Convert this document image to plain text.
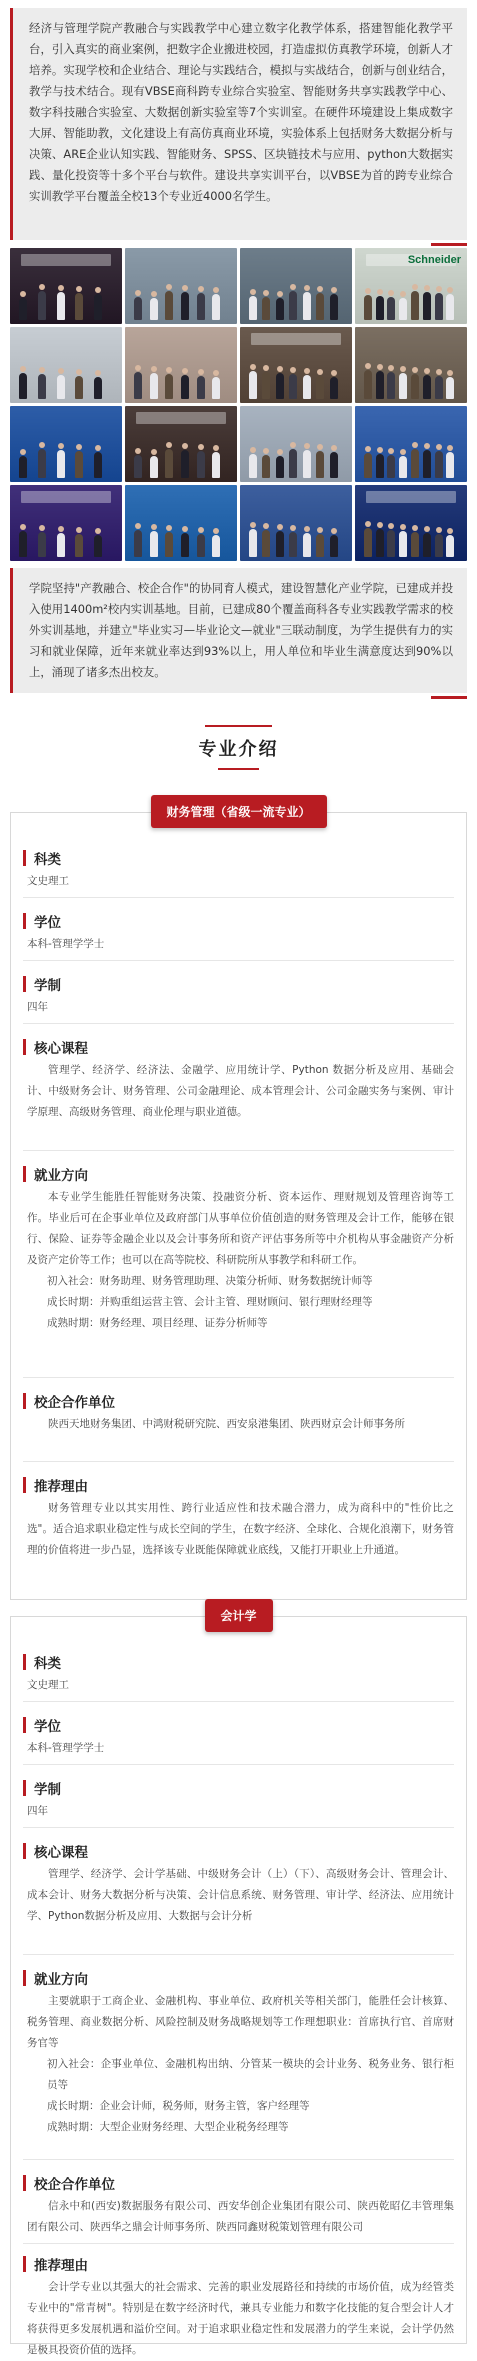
经济与管理学院产教融合与实践教学中心建立数字化教学体系，搭建智能化教学平台，引入真实的商业案例，把数字企业搬进校园，打造虚拟仿真教学环境，创新人才培养。实现学校和企业结合、理论与实践结合，模拟与实战结合，创新与创业结合，教学与技术结合。现有VBSE商科跨专业综合实验室、智能财务共享实践教学中心、数字科技融合实验室、大数据创新实验室等7个实训室。在硬件环境建设上集成数字大屏、智能助教，文化建设上有高仿真商业环境，实验体系上包括财务大数据分析与决策、ARE企业认知实践、智能财务、SPSS、区块链技术与应用、python大数据实践、量化投资等十多个平台与软件。建设共享实训平台，以VBSE为首的跨专业综合实训教学平台覆盖全校13个专业近4000名学生。

Schneider

学院坚持"产教融合、校企合作"的协同育人模式，建设智慧化产业学院，已建成并投入使用1400m²校内实训基地。目前，已建成80个覆盖商科各专业实践教学需求的校外实训基地，并建立"毕业实习—毕业论文—就业"三联动制度，为学生提供有力的实习和就业保障，近年来就业率达到93%以上，用人单位和毕业生满意度达到90%以上，涌现了诸多杰出校友。

专业介绍
财务管理（省级一流专业）
科类
文史理工
学位
本科-管理学学士
学制
四年
核心课程
管理学、经济学、经济法、金融学、应用统计学、Python 数据分析及应用、基础会计、中级财务会计、财务管理、公司金融理论、成本管理会计、公司金融实务与案例、审计学原理、高级财务管理、商业伦理与职业道德。
就业方向
本专业学生能胜任智能财务决策、投融资分析、资本运作、理财规划及管理咨询等工作。毕业后可在企事业单位及政府部门从事单位价值创造的财务管理及会计工作，能够在银行、保险、证券等金融企业以及会计事务所和资产评估事务所等中介机构从事金融资产分析及资产定价等工作；也可以在高等院校、科研院所从事教学和科研工作。
初入社会：财务助理、财务管理助理、决策分析师、财务数据统计师等
成长时期：并购重组运营主管、会计主管、理财顾问、银行理财经理等
成熟时期：财务经理、项目经理、证券分析师等
校企合作单位
陕西天地财务集团、中鸿财税研究院、西安泉港集团、陕西财京会计师事务所
推荐理由
财务管理专业以其实用性、跨行业适应性和技术融合潜力，成为商科中的"性价比之选"。适合追求职业稳定性与成长空间的学生，在数字经济、全球化、合规化浪潮下，财务管理的价值将进一步凸显，选择该专业既能保障就业底线，又能打开职业上升通道。
会计学
科类
文史理工
学位
本科-管理学学士
学制
四年
核心课程
管理学、经济学、会计学基础、中级财务会计（上）（下）、高级财务会计、管理会计、成本会计、财务大数据分析与决策、会计信息系统、财务管理、审计学、经济法、应用统计学、Python数据分析及应用、大数据与会计分析
就业方向
主要就职于工商企业、金融机构、事业单位、政府机关等相关部门，能胜任会计核算、税务管理、商业数据分析、风险控制及财务战略规划等工作理想职业：首席执行官、首席财务官等
初入社会：企事业单位、金融机构出纳、分管某一模块的会计业务、税务业务、银行柜员等
成长时期：企业会计师，税务师，财务主管，客户经理等
成熟时期：大型企业财务经理、大型企业税务经理等
校企合作单位
信永中和(西安)数据服务有限公司、西安华创企业集团有限公司、陕西乾昭亿丰管理集团有限公司、陕西华之鼎会计师事务所、陕西同鑫财税策划管理有限公司
推荐理由
会计学专业以其强大的社会需求、完善的职业发展路径和持续的市场价值，成为经管类专业中的"常青树"。特别是在数字经济时代，兼具专业能力和数字化技能的复合型会计人才将获得更多发展机遇和溢价空间。对于追求职业稳定性和发展潜力的学生来说，会计学仍然是极具投资价值的选择。
